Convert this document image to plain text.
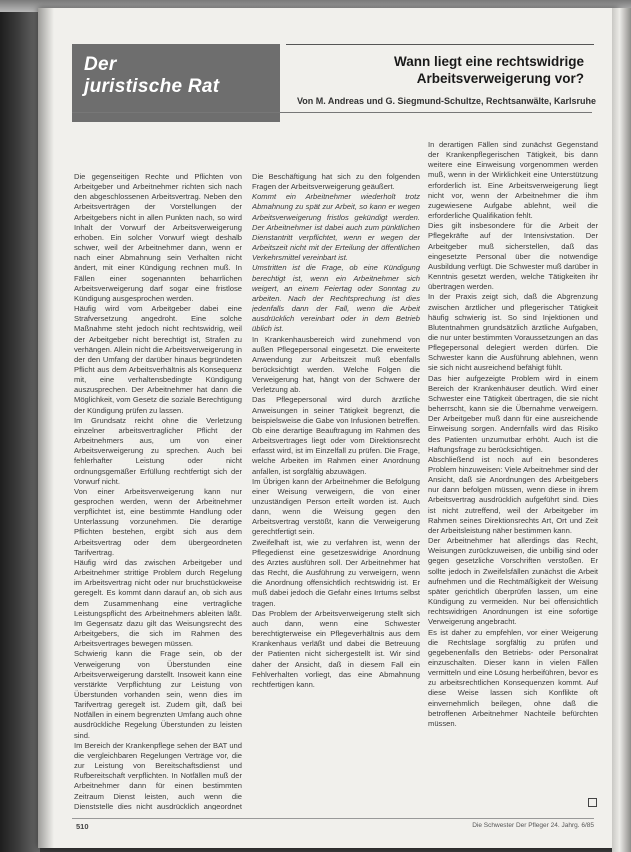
Der
juristische Rat
Wann liegt eine rechtswidrige
Arbeitsverweigerung vor?
Von M. Andreas und G. Siegmund-Schultze, Rechtsanwälte, Karlsruhe

Die gegenseitigen Rechte und Pflichten von Arbeitgeber und Arbeitnehmer richten sich nach den abgeschlossenen Arbeitsvertrag. Neben den Arbeitsverträgen der Vorstellungen der Arbeitgebers nicht in allen Punkten nach, so wird Inhalt der Vorwurf der Arbeitsverweigerung erhoben. Ein solcher Vorwurf wiegt deshalb schwer, weil der Arbeitnehmer dann, wenn er nach einer Abmahnung sein Verhalten nicht ändert, mit einer Kündigung rechnen muß. In Fällen einer sogenannten beharrlichen Arbeitsverweigerung darf sogar eine fristlose Kündigung ausgesprochen werden.

Häufig wird vom Arbeitgeber dabei eine Strafversetzung angedroht. Eine solche Maßnahme steht jedoch nicht rechtswidrig, weil der Arbeitgeber nicht berechtigt ist, Strafen zu verhängen. Allein nicht die Arbeitsverweigerung in der den Umfang der darüber hinaus begründeten Pflicht aus dem Arbeitsverhältnis als Konsequenz mit, eine verhaltensbedingte Kündigung auszusprechen. Der Arbeitnehmer hat dann die Möglichkeit, vom Gesetz die soziale Berechtigung der Kündigung prüfen zu lassen.

Im Grundsatz reicht ohne die Verletzung einzelner arbeitsvertraglicher Pflicht der Arbeitnehmers aus, um von einer Arbeitsverweigerung zu sprechen. Auch bei fehlerhafter Leistung oder nicht ordnungsgemäßer Erfüllung rechtfertigt sich der Vorwurf nicht.

Von einer Arbeitsverweigerung kann nur gesprochen werden, wenn der Arbeitnehmer verpflichtet ist, eine bestimmte Handlung oder Unterlassung vorzunehmen. Die derartige Pflichten bestehen, ergibt sich aus dem Arbeitsvertrag oder dem übergeordneten Tarifvertrag.

Häufig wird das zwischen Arbeitgeber und Arbeitnehmer strittige Problem durch Regelung im Arbeitsvertrag nicht oder nur bruchstückweise geregelt. Es kommt dann darauf an, ob sich aus dem Zusammenhang eine vertragliche Leistungspflicht des Arbeitnehmers ableiten läßt. Im Gegensatz dazu gilt das Weisungsrecht des Arbeitgebers, die sich im Rahmen des Arbeitsvertrages bewegen müssen.

Schwierig kann die Frage sein, ob der Verweigerung von Überstunden eine Arbeitsverweigerung darstellt. Insoweit kann eine verstärkte Verpflichtung zur Leistung von Überstunden vorhanden sein, wenn dies im Tarifvertrag geregelt ist. Zudem gilt, daß bei Notfällen in einem begrenzten Umfang auch ohne ausdrückliche Regelung Überstunden zu leisten sind.

Im Bereich der Krankenpflege sehen der BAT und die vergleichbaren Regelungen Verträge vor, die zur Leistung von Bereitschaftsdienst und Rufbereitschaft verpflichten. In Notfällen muß der Arbeitnehmer dann für einen bestimmten Zeitraum Dienst leisten, auch wenn die Dienststelle dies nicht ausdrücklich angeordnet

Die Beschäftigung hat sich zu den folgenden Fragen der Arbeitsverweigerung geäußert.

Kommt ein Arbeitnehmer wiederholt trotz Abmahnung zu spät zur Arbeit, so kann er wegen Arbeitsverweigerung fristlos gekündigt werden. Der Arbeitnehmer ist dabei auch zum pünktlichen Dienstantritt verpflichtet, wenn er wegen der Arbeitszeit nicht mit der Erteilung der öffentlichen Verkehrsmittel vereinbart ist.

Umstritten ist die Frage, ob eine Kündigung berechtigt ist, wenn ein Arbeitnehmer sich weigert, an einem Feiertag oder Sonntag zu arbeiten. Nach der Rechtsprechung ist dies jedenfalls dann der Fall, wenn die Arbeit ausdrücklich vereinbart oder in dem Betrieb üblich ist.

In Krankenhausbereich wird zunehmend von außen Pflegepersonal eingesetzt. Die erweiterte Anwendung zur Arbeitszeit muß ebenfalls berücksichtigt werden. Welche Folgen die Verweigerung hat, hängt von der Schwere der Verletzung ab.

Das Pflegepersonal wird durch ärztliche Anweisungen in seiner Tätigkeit begrenzt, die beispielsweise die Gabe von Infusionen betreffen. Ob eine derartige Beauftragung im Rahmen des Arbeitsvertrages liegt oder vom Direktionsrecht erfasst wird, ist im Einzelfall zu prüfen. Die Frage, welche Arbeiten im Rahmen einer Anordnung anfallen, ist sorgfältig abzuwägen.

Im Übrigen kann der Arbeitnehmer die Befolgung einer Weisung verweigern, die von einer unzuständigen Person erteilt worden ist. Auch dann, wenn die Weisung gegen den Arbeitsvertrag verstößt, kann die Verweigerung gerechtfertigt sein.

Zweifelhaft ist, wie zu verfahren ist, wenn der Pflegedienst eine gesetzeswidrige Anordnung des Arztes ausführen soll. Der Arbeitnehmer hat das Recht, die Ausführung zu verweigern, wenn die Anordnung offensichtlich rechtswidrig ist. Er muß dabei jedoch die Gefahr eines Irrtums selbst tragen.

Das Problem der Arbeitsverweigerung stellt sich auch dann, wenn eine Schwester berechtigterweise ein Pflegeverhältnis aus dem Krankenhaus verläßt und dabei die Betreuung der Patienten nicht sichergestellt ist. Wir sind daher der Ansicht, daß in diesem Fall ein Fehlverhalten vorliegt, das eine Abmahnung rechtfertigen kann.

In derartigen Fällen sind zunächst Gegenstand der Krankenpflegerischen Tätigkeit, bis dann weitere eine Einweisung vorgenommen werden muß, wenn in der Wirklichkeit eine Unterstützung erforderlich ist. Eine Arbeitsverweigerung liegt nicht vor, wenn der Arbeitnehmer die ihm zugewiesene Aufgabe ablehnt, weil die erforderliche Qualifikation fehlt.

Dies gilt insbesondere für die Arbeit der Pflegekräfte auf der Intensivstation. Der Arbeitgeber muß sicherstellen, daß das eingesetzte Personal über die notwendige Ausbildung verfügt. Die Schwester muß darüber in Kenntnis gesetzt werden, welche Tätigkeiten ihr übertragen werden.

In der Praxis zeigt sich, daß die Abgrenzung zwischen ärztlicher und pflegerischer Tätigkeit häufig schwierig ist. So sind Injektionen und Blutentnahmen grundsätzlich ärztliche Aufgaben, die nur unter bestimmten Voraussetzungen an das Pflegepersonal delegiert werden dürfen. Die Schwester kann die Ausführung ablehnen, wenn sie sich nicht ausreichend befähigt fühlt.

Das hier aufgezeigte Problem wird in einem Bereich der Krankenhäuser deutlich. Wird einer Schwester eine Tätigkeit übertragen, die sie nicht beherrscht, kann sie die Übernahme verweigern. Der Arbeitgeber muß dann für eine ausreichende Einweisung sorgen. Andernfalls wird das Risiko des Patienten unzumutbar erhöht. Auch ist die Haftungsfrage zu berücksichtigen.

Abschließend ist noch auf ein besonderes Problem hinzuweisen: Viele Arbeitnehmer sind der Ansicht, daß sie Anordnungen des Arbeitgebers nur dann befolgen müssen, wenn diese in ihrem Arbeitsvertrag ausdrücklich aufgeführt sind. Dies ist nicht zutreffend, weil der Arbeitgeber im Rahmen seines Direktionsrechts Art, Ort und Zeit der Arbeitsleistung näher bestimmen kann.

Der Arbeitnehmer hat allerdings das Recht, Weisungen zurückzuweisen, die unbillig sind oder gegen gesetzliche Vorschriften verstoßen. Er sollte jedoch in Zweifelsfällen zunächst die Arbeit aufnehmen und die Rechtmäßigkeit der Weisung später gerichtlich überprüfen lassen, um eine Kündigung zu vermeiden. Nur bei offensichtlich rechtswidrigen Anordnungen ist eine sofortige Verweigerung angebracht.

Es ist daher zu empfehlen, vor einer Weigerung die Rechtslage sorgfältig zu prüfen und gegebenenfalls den Betriebs- oder Personalrat einzuschalten. Dieser kann in vielen Fällen vermitteln und eine Lösung herbeiführen, bevor es zu arbeitsrechtlichen Konsequenzen kommt. Auf diese Weise lassen sich Konflikte oft einvernehmlich beilegen, ohne daß die betroffenen Arbeitnehmer Nachteile befürchten müssen.

510	Die Schwester Der Pfleger 24. Jahrg. 6/85
